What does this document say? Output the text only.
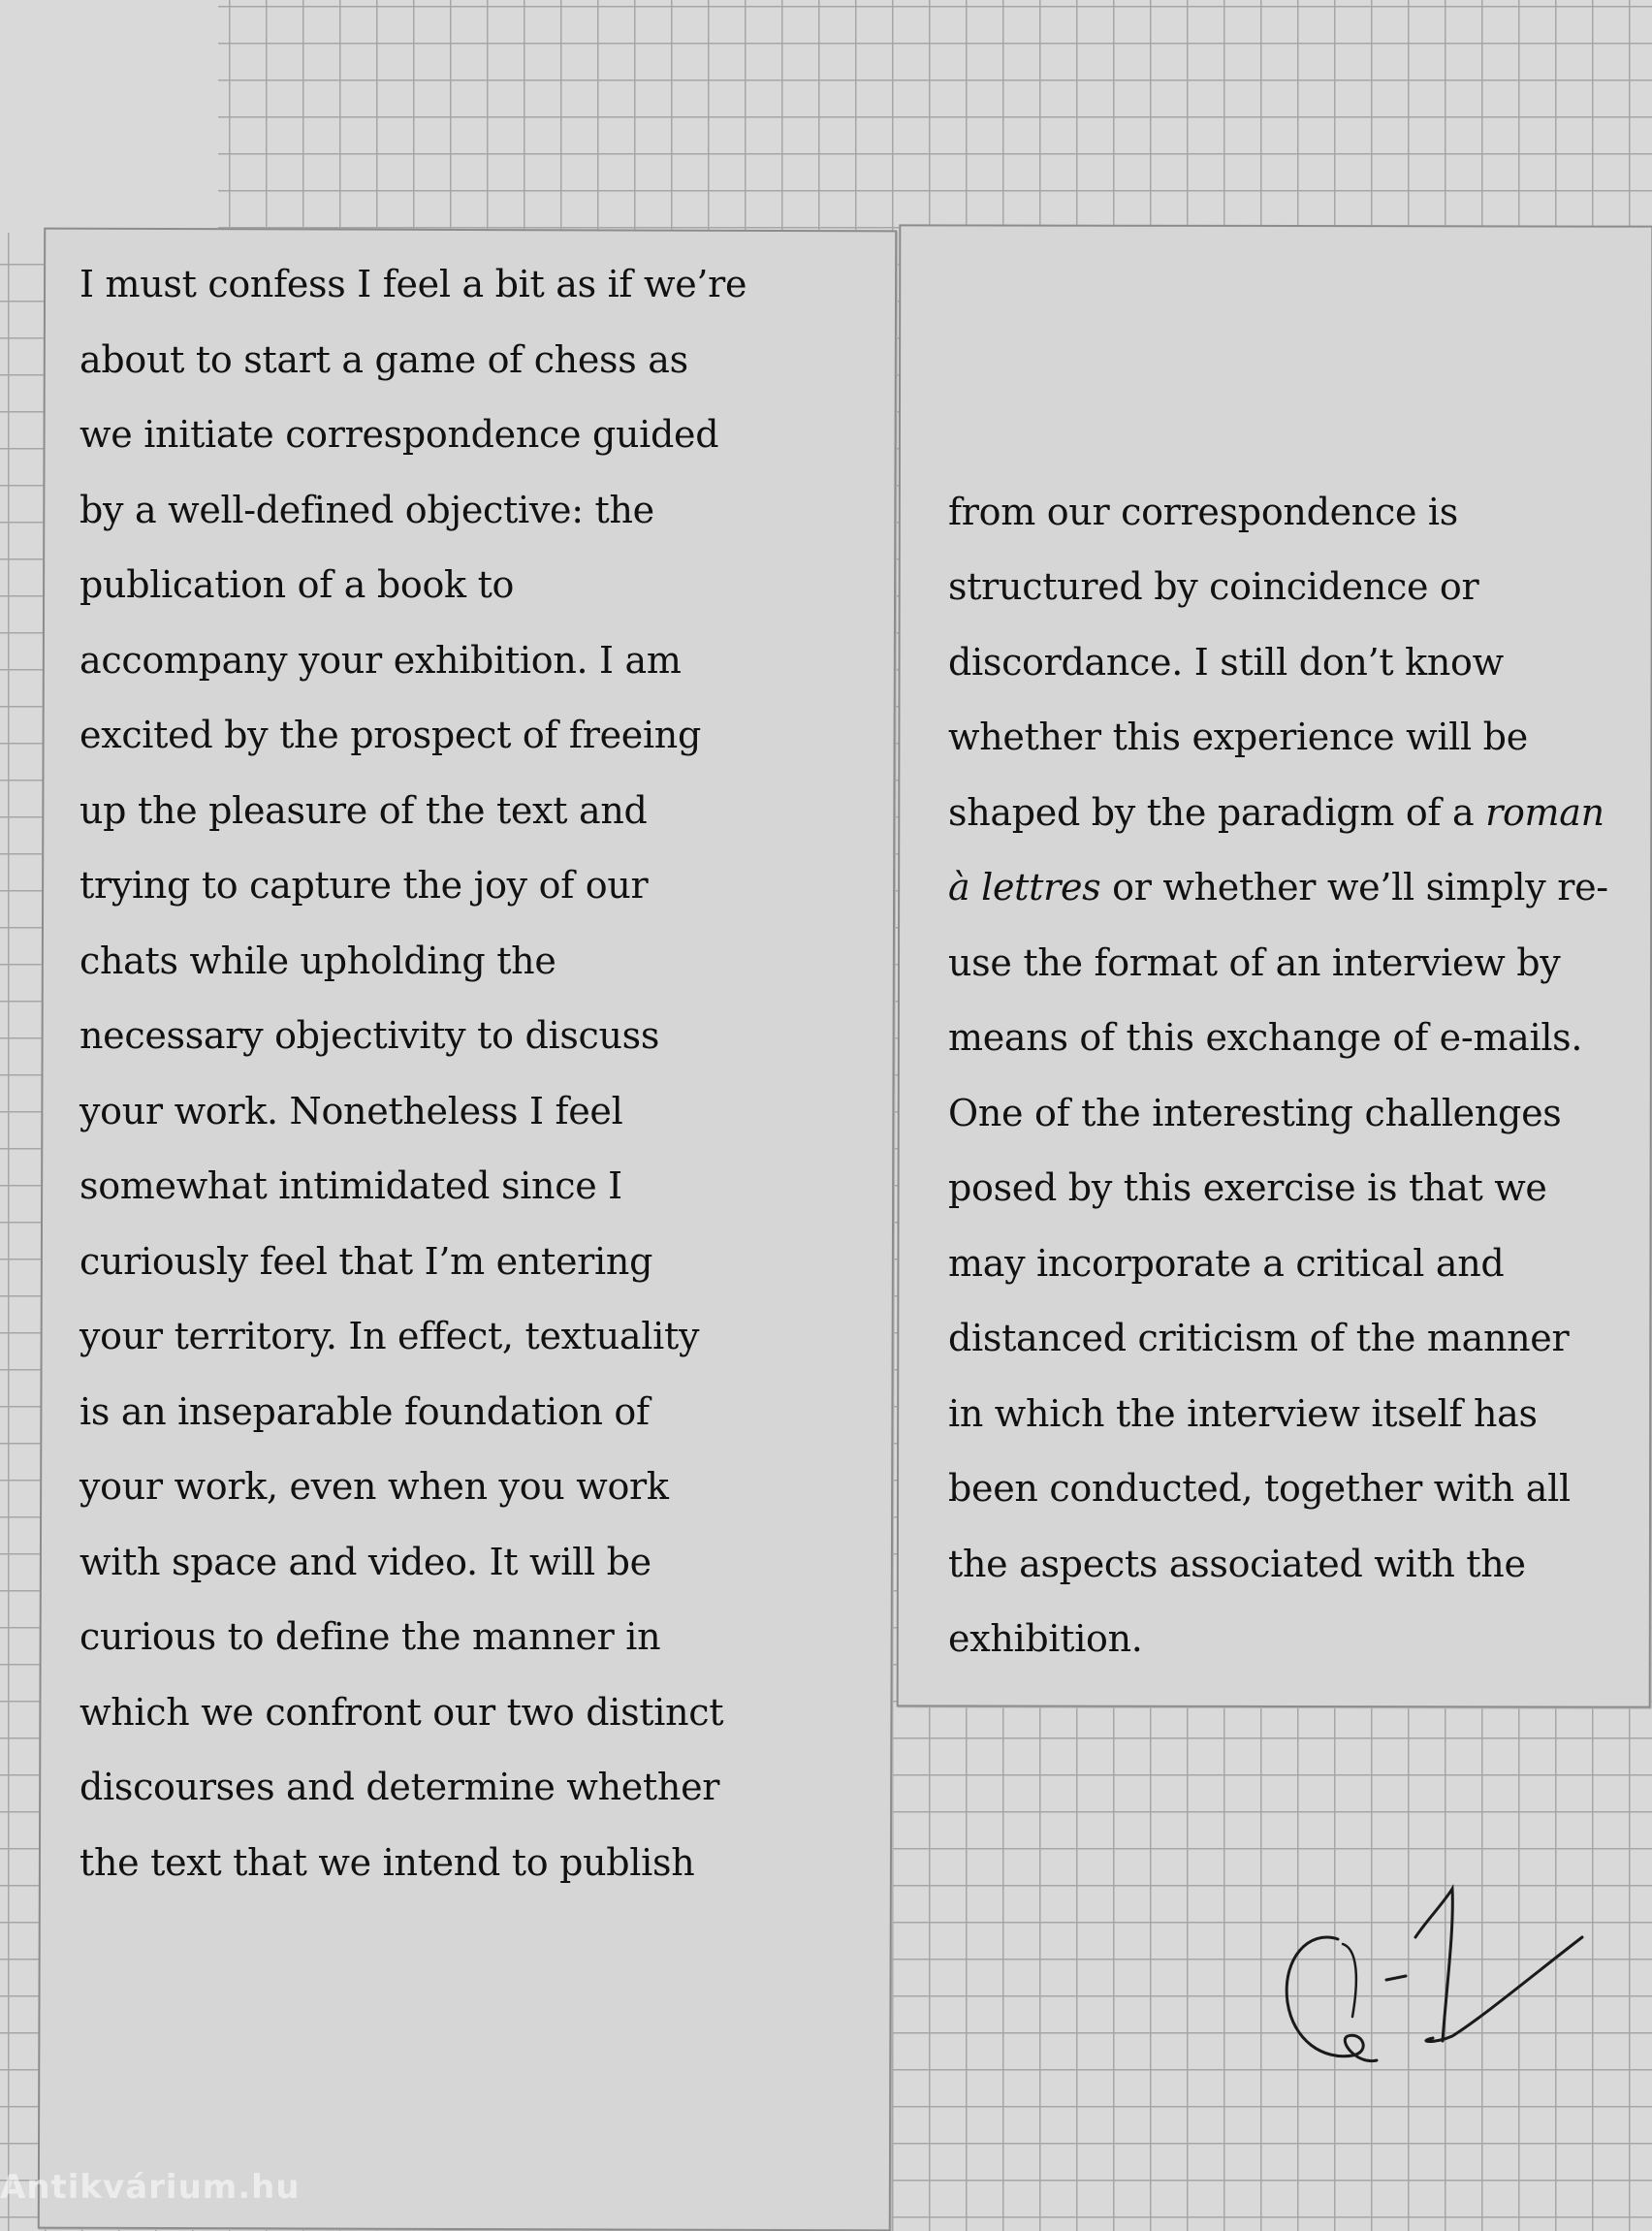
I must confess I feel a bit as if we’re
about to start a game of chess as
we initiate correspondence guided
by a well-defined objective: the
publication of a book to
accompany your exhibition. I am
excited by the prospect of freeing
up the pleasure of the text and
trying to capture the joy of our
chats while upholding the
necessary objectivity to discuss
your work. Nonetheless I feel
somewhat intimidated since I
curiously feel that I’m entering
your territory. In effect, textuality
is an inseparable foundation of
your work, even when you work
with space and video. It will be
curious to define the manner in
which we confront our two distinct
discourses and determine whether
the text that we intend to publish
from our correspondence is
structured by coincidence or
discordance. I still don’t know
whether this experience will be
shaped by the paradigm of a roman
à lettres or whether we’ll simply re-
use the format of an interview by
means of this exchange of e-mails.
One of the interesting challenges
posed by this exercise is that we
may incorporate a critical and
distanced criticism of the manner
in which the interview itself has
been conducted, together with all
the aspects associated with the
exhibition.
Antikvárium.hu
